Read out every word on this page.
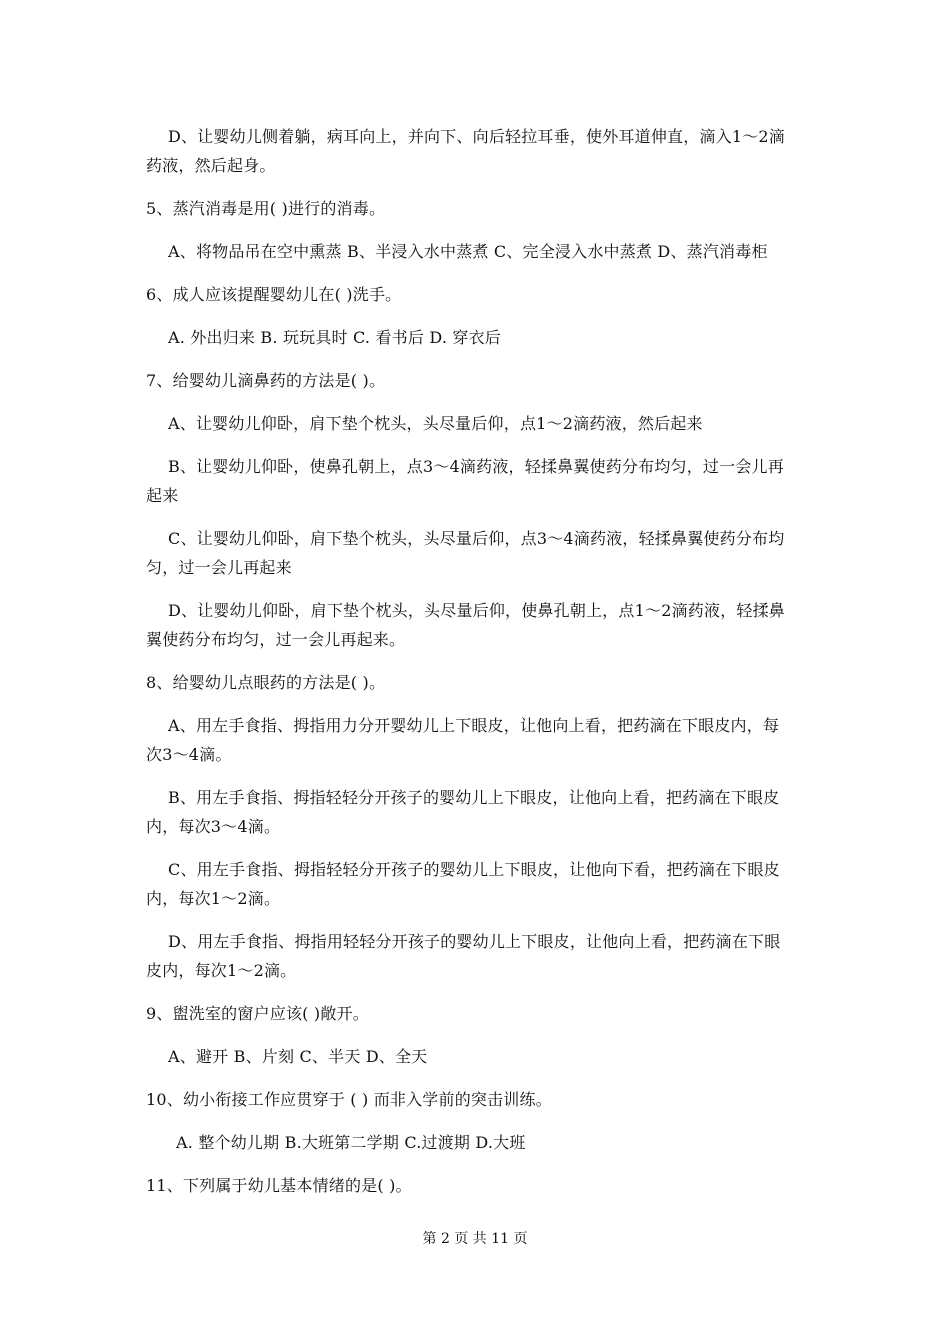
D、让婴幼儿侧着躺，病耳向上，并向下、向后轻拉耳垂，使外耳道伸直，滴入1～2滴
药液，然后起身。
5、蒸汽消毒是用( )进行的消毒。
A、将物品吊在空中熏蒸 B、半浸入水中蒸煮 C、完全浸入水中蒸煮 D、蒸汽消毒柜
6、成人应该提醒婴幼儿在( )洗手。
A. 外出归来 B. 玩玩具时 C. 看书后 D. 穿衣后
7、给婴幼儿滴鼻药的方法是( )。
A、让婴幼儿仰卧，肩下垫个枕头，头尽量后仰，点1～2滴药液，然后起来
B、让婴幼儿仰卧，使鼻孔朝上，点3～4滴药液，轻揉鼻翼使药分布均匀，过一会儿再
起来
C、让婴幼儿仰卧，肩下垫个枕头，头尽量后仰，点3～4滴药液，轻揉鼻翼使药分布均
匀，过一会儿再起来
D、让婴幼儿仰卧，肩下垫个枕头，头尽量后仰，使鼻孔朝上，点1～2滴药液，轻揉鼻
翼使药分布均匀，过一会儿再起来。
8、给婴幼儿点眼药的方法是( )。
A、用左手食指、拇指用力分开婴幼儿上下眼皮，让他向上看，把药滴在下眼皮内，每
次3～4滴。
B、用左手食指、拇指轻轻分开孩子的婴幼儿上下眼皮，让他向上看，把药滴在下眼皮
内，每次3～4滴。
C、用左手食指、拇指轻轻分开孩子的婴幼儿上下眼皮，让他向下看，把药滴在下眼皮
内，每次1～2滴。
D、用左手食指、拇指用轻轻分开孩子的婴幼儿上下眼皮，让他向上看，把药滴在下眼
皮内，每次1～2滴。
9、盥洗室的窗户应该( )敞开。
A、避开 B、片刻 C、半天 D、全天
10、幼小衔接工作应贯穿于 ( ) 而非入学前的突击训练。
A. 整个幼儿期 B.大班第二学期 C.过渡期 D.大班
11、下列属于幼儿基本情绪的是( )。
第 2 页 共 11 页
